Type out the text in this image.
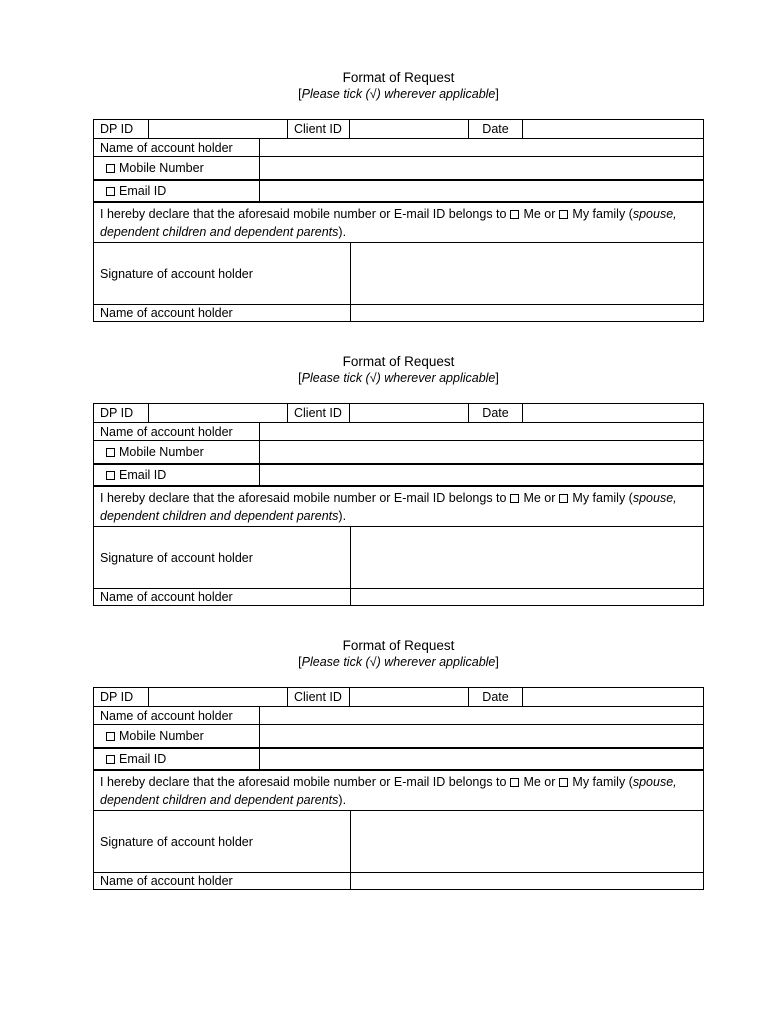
Format of Request
[Please tick (√) wherever applicable]
DP ID	Client ID	Date
Name of account holder
Mobile Number
Email ID
I hereby declare that the aforesaid mobile number or E-mail ID belongs to Me or My family (spouse, dependent children and dependent parents).
Signature of account holder
Name of account holder
Format of Request
[Please tick (√) wherever applicable]
DP ID	Client ID	Date
Name of account holder
Mobile Number
Email ID
I hereby declare that the aforesaid mobile number or E-mail ID belongs to Me or My family (spouse, dependent children and dependent parents).
Signature of account holder
Name of account holder
Format of Request
[Please tick (√) wherever applicable]
DP ID	Client ID	Date
Name of account holder
Mobile Number
Email ID
I hereby declare that the aforesaid mobile number or E-mail ID belongs to Me or My family (spouse, dependent children and dependent parents).
Signature of account holder
Name of account holder
